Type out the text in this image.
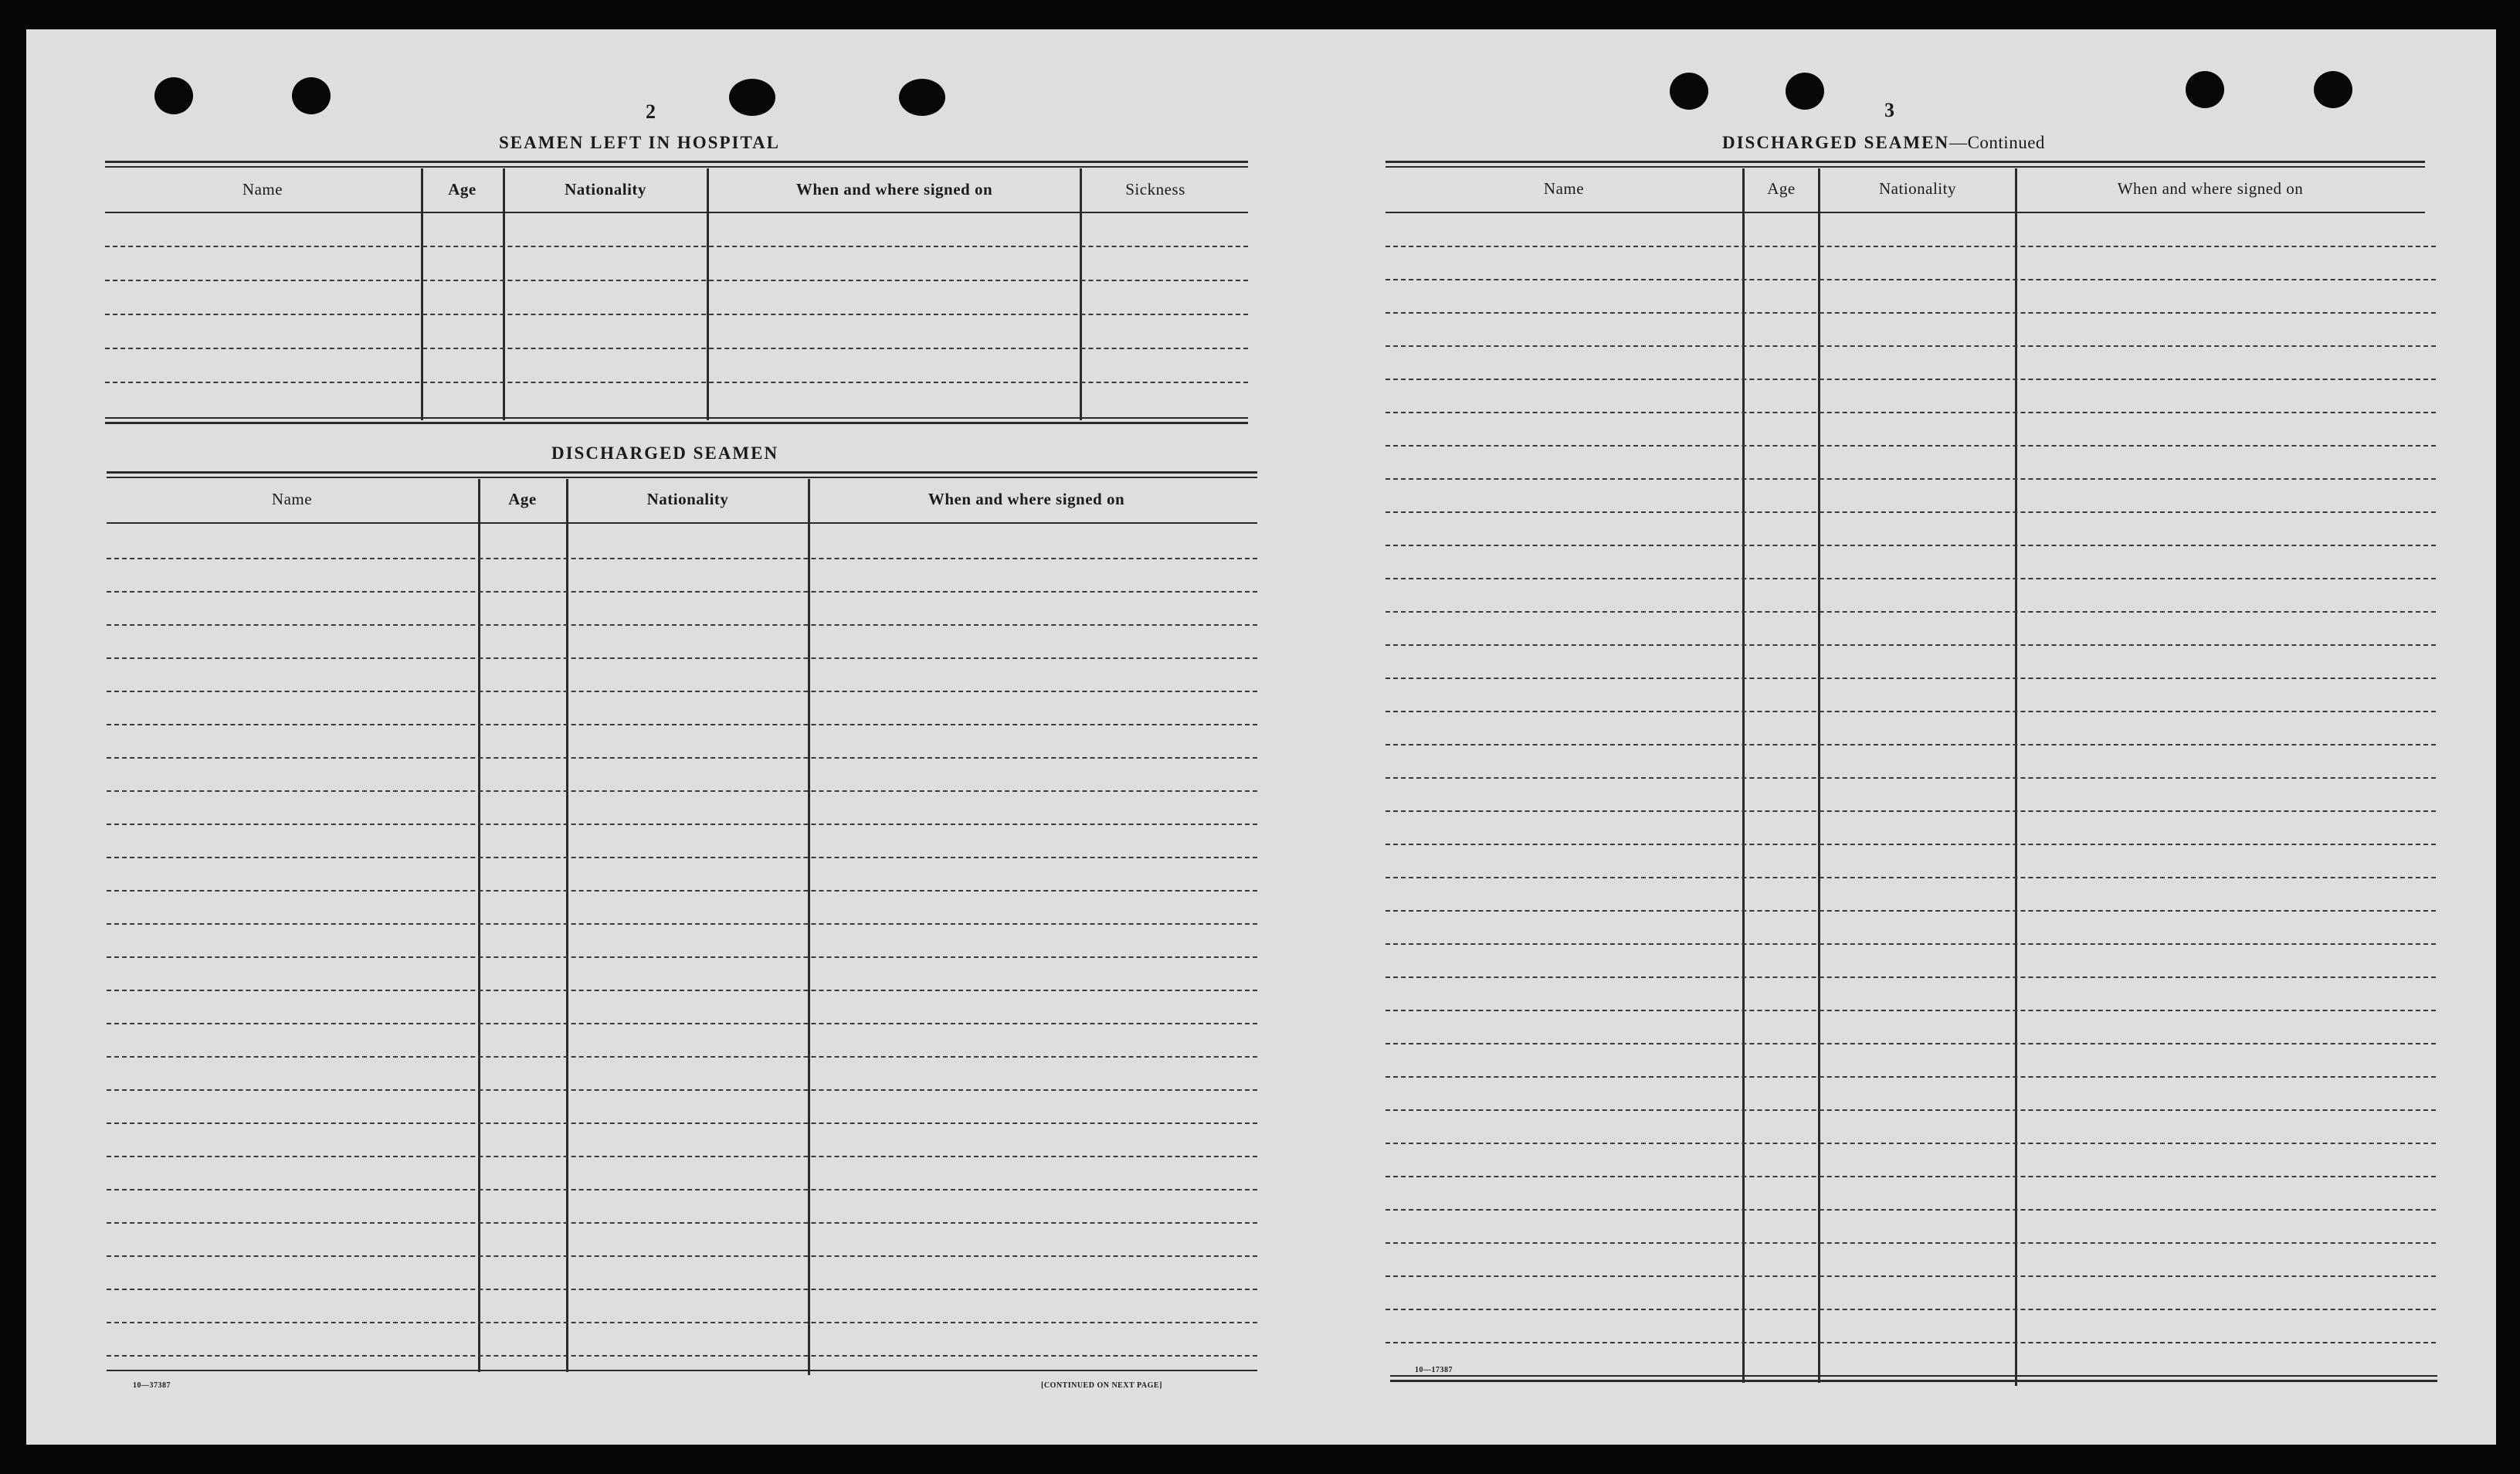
2
SEAMEN LEFT IN HOSPITAL
Name	Age	Nationality	When and where signed on	Sickness
DISCHARGED SEAMEN
Name	Age	Nationality	When and where signed on
10—37387	[CONTINUED ON NEXT PAGE]
3
DISCHARGED SEAMEN—Continued
Name	Age	Nationality	When and where signed on
10—17387
